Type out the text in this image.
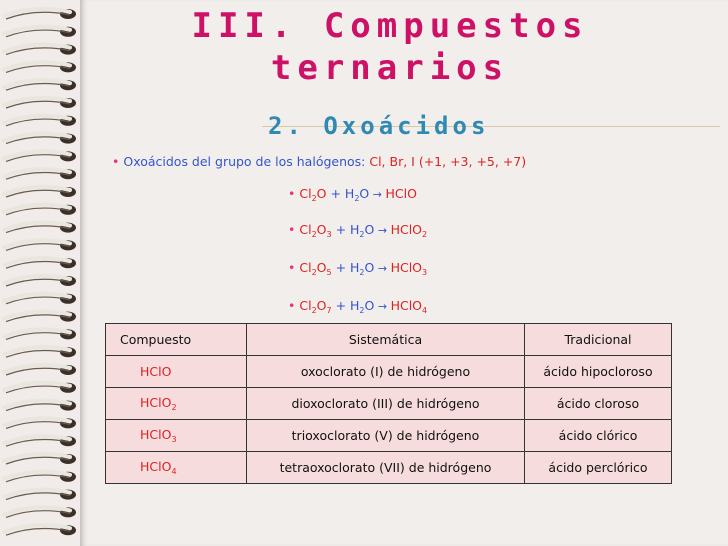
III. Compuestos
ternarios
2. Oxoácidos
• Oxoácidos del grupo de los halógenos: Cl, Br, I (+1, +3, +5, +7)
• $Cl_2O + H_2O$ → HClO
• $Cl_2O_3 + H_2O$ → HClO$_2$
• $Cl_2O_5 + H_2O$ → HClO$_3$
• $Cl_2O_7 + H_2O$ → HClO$_4$
Compuesto	Sistemática	Tradicional
HClO	oxoclorato (I) de hidrógeno	ácido hipocloroso
HClO$_2$	dioxoclorato (III) de hidrógeno	ácido cloroso
HClO$_3$	trioxoclorato (V) de hidrógeno	ácido clórico
HClO$_4$	tetraoxoclorato (VII) de hidrógeno	ácido perclórico
